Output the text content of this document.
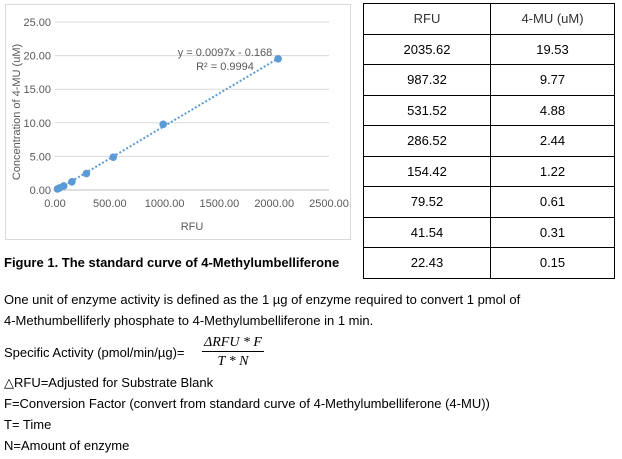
0.00
5.00
10.00
15.00
20.00
25.00
0.00 500.00 1000.00 1500.00 2000.00 2500.00
RFU
Concentration of 4-MU (uM)	y = 0.0097x - 0.168
R² = 0.9994
RFU	4-MU (uM)
2035.62	19.53
987.32	9.77
531.52	4.88
286.52	2.44
154.42	1.22
79.52	0.61
41.54	0.31
22.43	0.15
Figure 1. The standard curve of 4-Methylumbelliferone
One unit of enzyme activity is defined as the 1 µg of enzyme required to convert 1 pmol of
4-Methumbelliferly phosphate to 4-Methylumbelliferone in 1 min.
Specific Activity (pmol/min/µg)=
ΔRFU * F
T * N
△RFU=Adjusted for Substrate Blank
F=Conversion Factor (convert from standard curve of 4-Methylumbelliferone (4-MU))
T= Time
N=Amount of enzyme
